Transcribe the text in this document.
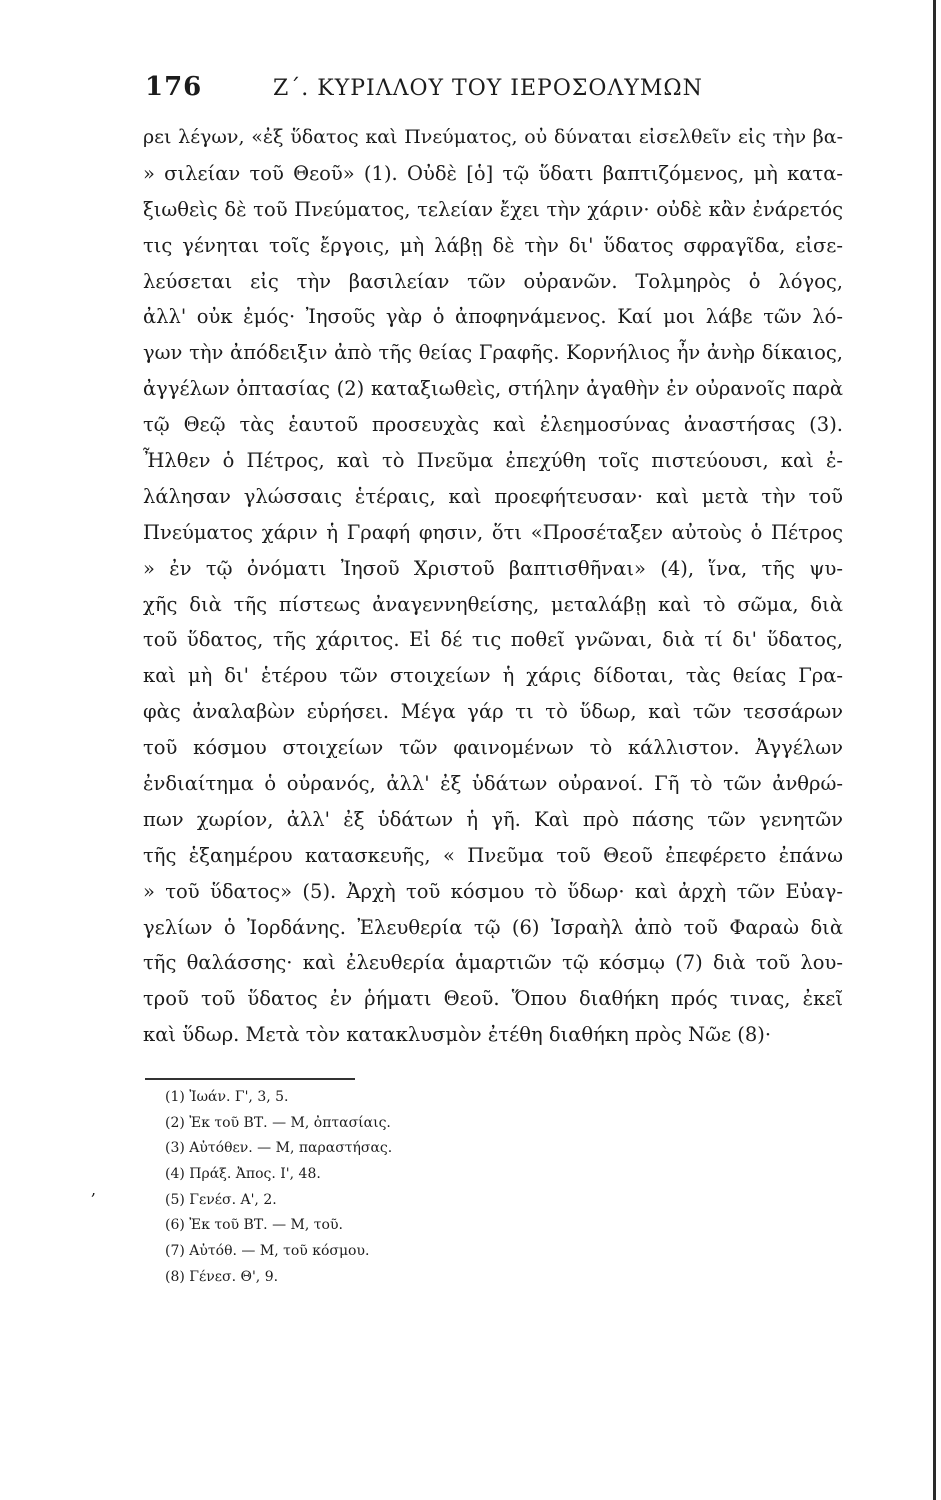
176	Ζ΄. ΚΥΡΙΛΛΟΥ ΤΟΥ ΙΕΡΟΣΟΛΥΜΩΝ
ρει λέγων, «ἐξ ὕδατος καὶ Πνεύματος, οὐ δύναται εἰσελθεῖν εἰς τὴν βα-
» σιλείαν τοῦ Θεοῦ» (1). Οὐδὲ [ὁ] τῷ ὕδατι βαπτιζόμενος, μὴ κατα-
ξιωθεὶς δὲ τοῦ Πνεύματος, τελείαν ἔχει τὴν χάριν· οὐδὲ κἂν ἐνάρετός
τις γένηται τοῖς ἔργοις, μὴ λάβῃ δὲ τὴν δι' ὕδατος σφραγῖδα, εἰσε-
λεύσεται εἰς τὴν βασιλείαν τῶν οὐρανῶν. Τολμηρὸς ὁ λόγος,
ἀλλ' οὐκ ἐμός· Ἰησοῦς γὰρ ὁ ἀποφηνάμενος. Καί μοι λάβε τῶν λό-
γων τὴν ἀπόδειξιν ἀπὸ τῆς θείας Γραφῆς. Κορνήλιος ἦν ἀνὴρ δίκαιος,
ἀγγέλων ὀπτασίας (2) καταξιωθεὶς, στήλην ἀγαθὴν ἐν οὐρανοῖς παρὰ
τῷ Θεῷ τὰς ἑαυτοῦ προσευχὰς καὶ ἐλεημοσύνας ἀναστήσας (3).
Ἦλθεν ὁ Πέτρος, καὶ τὸ Πνεῦμα ἐπεχύθη τοῖς πιστεύουσι, καὶ ἐ-
λάλησαν γλώσσαις ἑτέραις, καὶ προεφήτευσαν· καὶ μετὰ τὴν τοῦ
Πνεύματος χάριν ἡ Γραφή φησιν, ὅτι «Προσέταξεν αὐτοὺς ὁ Πέτρος
» ἐν τῷ ὀνόματι Ἰησοῦ Χριστοῦ βαπτισθῆναι» (4), ἵνα, τῆς ψυ-
χῆς διὰ τῆς πίστεως ἀναγεννηθείσης, μεταλάβῃ καὶ τὸ σῶμα, διὰ
τοῦ ὕδατος, τῆς χάριτος. Εἰ δέ τις ποθεῖ γνῶναι, διὰ τί δι' ὕδατος,
καὶ μὴ δι' ἑτέρου τῶν στοιχείων ἡ χάρις δίδοται, τὰς θείας Γρα-
φὰς ἀναλαβὼν εὑρήσει. Μέγα γάρ τι τὸ ὕδωρ, καὶ τῶν τεσσάρων
τοῦ κόσμου στοιχείων τῶν φαινομένων τὸ κάλλιστον. Ἀγγέλων
ἐνδιαίτημα ὁ οὐρανός, ἀλλ' ἐξ ὑδάτων οὐρανοί. Γῆ τὸ τῶν ἀνθρώ-
πων χωρίον, ἀλλ' ἐξ ὑδάτων ἡ γῆ. Καὶ πρὸ πάσης τῶν γενητῶν
τῆς ἑξαημέρου κατασκευῆς, « Πνεῦμα τοῦ Θεοῦ ἐπεφέρετο ἐπάνω
» τοῦ ὕδατος» (5). Ἀρχὴ τοῦ κόσμου τὸ ὕδωρ· καὶ ἀρχὴ τῶν Εὐαγ-
γελίων ὁ Ἰορδάνης. Ἐλευθερία τῷ (6) Ἰσραὴλ ἀπὸ τοῦ Φαραὼ διὰ
τῆς θαλάσσης· καὶ ἐλευθερία ἁμαρτιῶν τῷ κόσμῳ (7) διὰ τοῦ λου-
τροῦ τοῦ ὕδατος ἐν ῥήματι Θεοῦ. Ὅπου διαθήκη πρός τινας, ἐκεῖ
καὶ ὕδωρ. Μετὰ τὸν κατακλυσμὸν ἐτέθη διαθήκη πρὸς Νῶε (8)·
(1) Ἰωάν. Γ', 3, 5.
(2) Ἐκ τοῦ ΒΤ. — Μ, ὀπτασίαις.
(3) Αὐτόθεν. — Μ, παραστήσας.
(4) Πράξ. Ἀπος. Ι', 48.
(5) Γενέσ. Α', 2.
(6) Ἐκ τοῦ ΒΤ. — Μ, τοῦ.
(7) Αὐτόθ. — Μ, τοῦ κόσμου.
(8) Γένεσ. Θ', 9.
,
